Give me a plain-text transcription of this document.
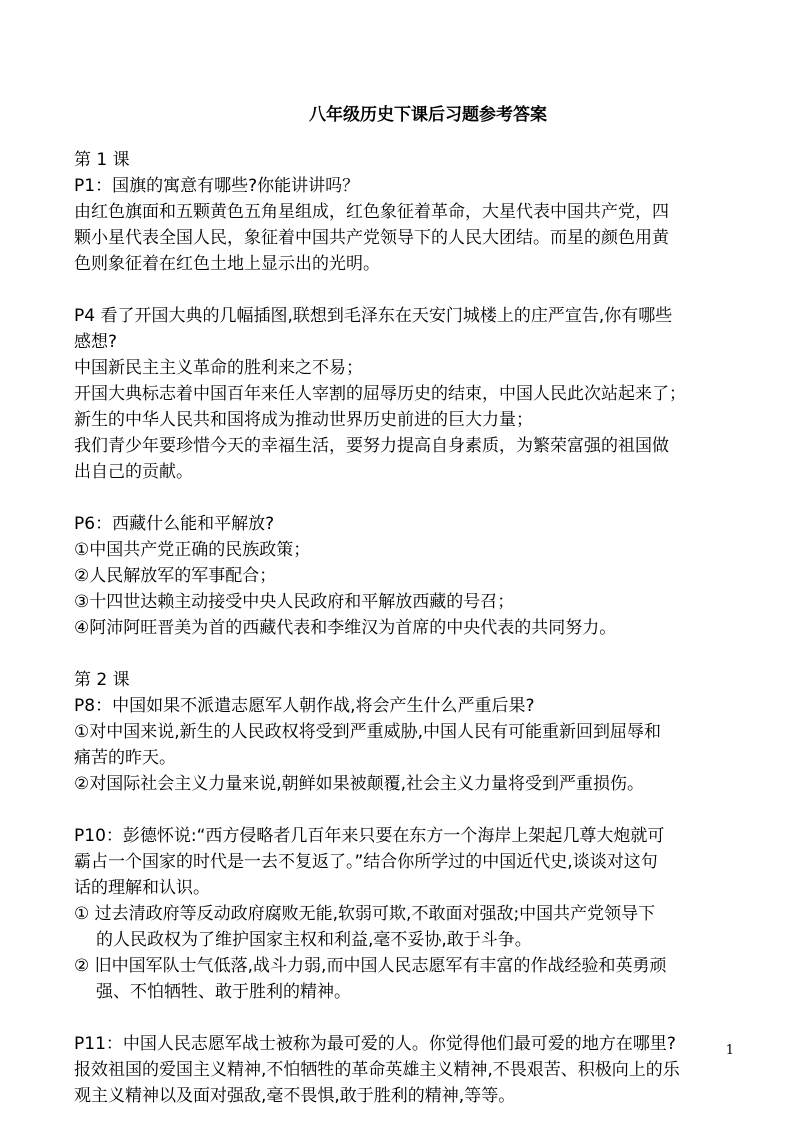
八年级历史下课后习题参考答案

第 1 课

P1：国旗的寓意有哪些?你能讲讲吗？

由红色旗面和五颗黄色五角星组成，红色象征着革命，大星代表中国共产党，四

颗小星代表全国人民，象征着中国共产党领导下的人民大团结。而星的颜色用黄

色则象征着在红色土地上显示出的光明。

P4 看了开国大典的几幅插图,联想到毛泽东在天安门城楼上的庄严宣告,你有哪些

感想?

中国新民主主义革命的胜利来之不易；

开国大典标志着中国百年来任人宰割的屈辱历史的结束，中国人民此次站起来了；

新生的中华人民共和国将成为推动世界历史前进的巨大力量；

我们青少年要珍惜今天的幸福生活，要努力提高自身素质，为繁荣富强的祖国做

出自己的贡献。

P6：西藏什么能和平解放?

①中国共产党正确的民族政策；

②人民解放军的军事配合；

③十四世达赖主动接受中央人民政府和平解放西藏的号召；

④阿沛阿旺晋美为首的西藏代表和李维汉为首席的中央代表的共同努力。

第 2 课

P8：中国如果不派遣志愿军人朝作战,将会产生什么严重后果?

①对中国来说,新生的人民政权将受到严重威胁,中国人民有可能重新回到屈辱和

痛苦的昨天。

②对国际社会主义力量来说,朝鲜如果被颠覆,社会主义力量将受到严重损伤。

P10：彭德怀说:“西方侵略者几百年来只要在东方一个海岸上架起几尊大炮就可

霸占一个国家的时代是一去不复返了。”结合你所学过的中国近代史,谈谈对这句

话的理解和认识。

① 过去清政府等反动政府腐败无能,软弱可欺,不敢面对强敌;中国共产党领导下

的人民政权为了维护国家主权和利益,毫不妥协,敢于斗争。

② 旧中国军队士气低落,战斗力弱,而中国人民志愿军有丰富的作战经验和英勇顽

强、不怕牺牲、敢于胜利的精神。

P11：中国人民志愿军战士被称为最可爱的人。你觉得他们最可爱的地方在哪里?

报效祖国的爱国主义精神,不怕牺牲的革命英雄主义精神,不畏艰苦、积极向上的乐

观主义精神以及面对强敌,毫不畏惧,敢于胜利的精神,等等。

1
